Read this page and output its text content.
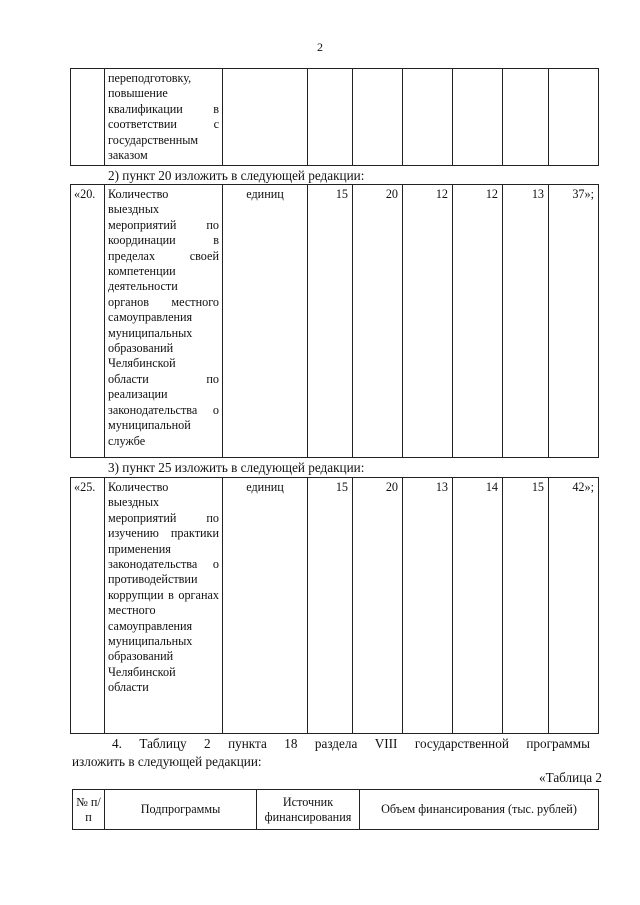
2
	переподготовку, повышение квалификации в соответствии с государственным заказом							
2) пункт 20 изложить в следующей редакции:
«20.	Количество выездных мероприятий по координации в пределах своей компетенции деятельности органов местного самоуправления муниципальных образований Челябинской области по реализации законодательства о муниципальной службе	единиц	15	20	12	12	13	37»;
3) пункт 25 изложить в следующей редакции:
«25.	Количество выездных мероприятий по изучению практики применения законодательства о противодействии коррупции в органах местного самоуправления муниципальных образований Челябинской области	единиц	15	20	13	14	15	42»;
4. Таблицу 2 пункта 18 раздела VIII государственной программы
изложить в следующей редакции:
«Таблица 2
№ п/п	Подпрограммы	Источник финансирования	Объем финансирования (тыс. рублей)
